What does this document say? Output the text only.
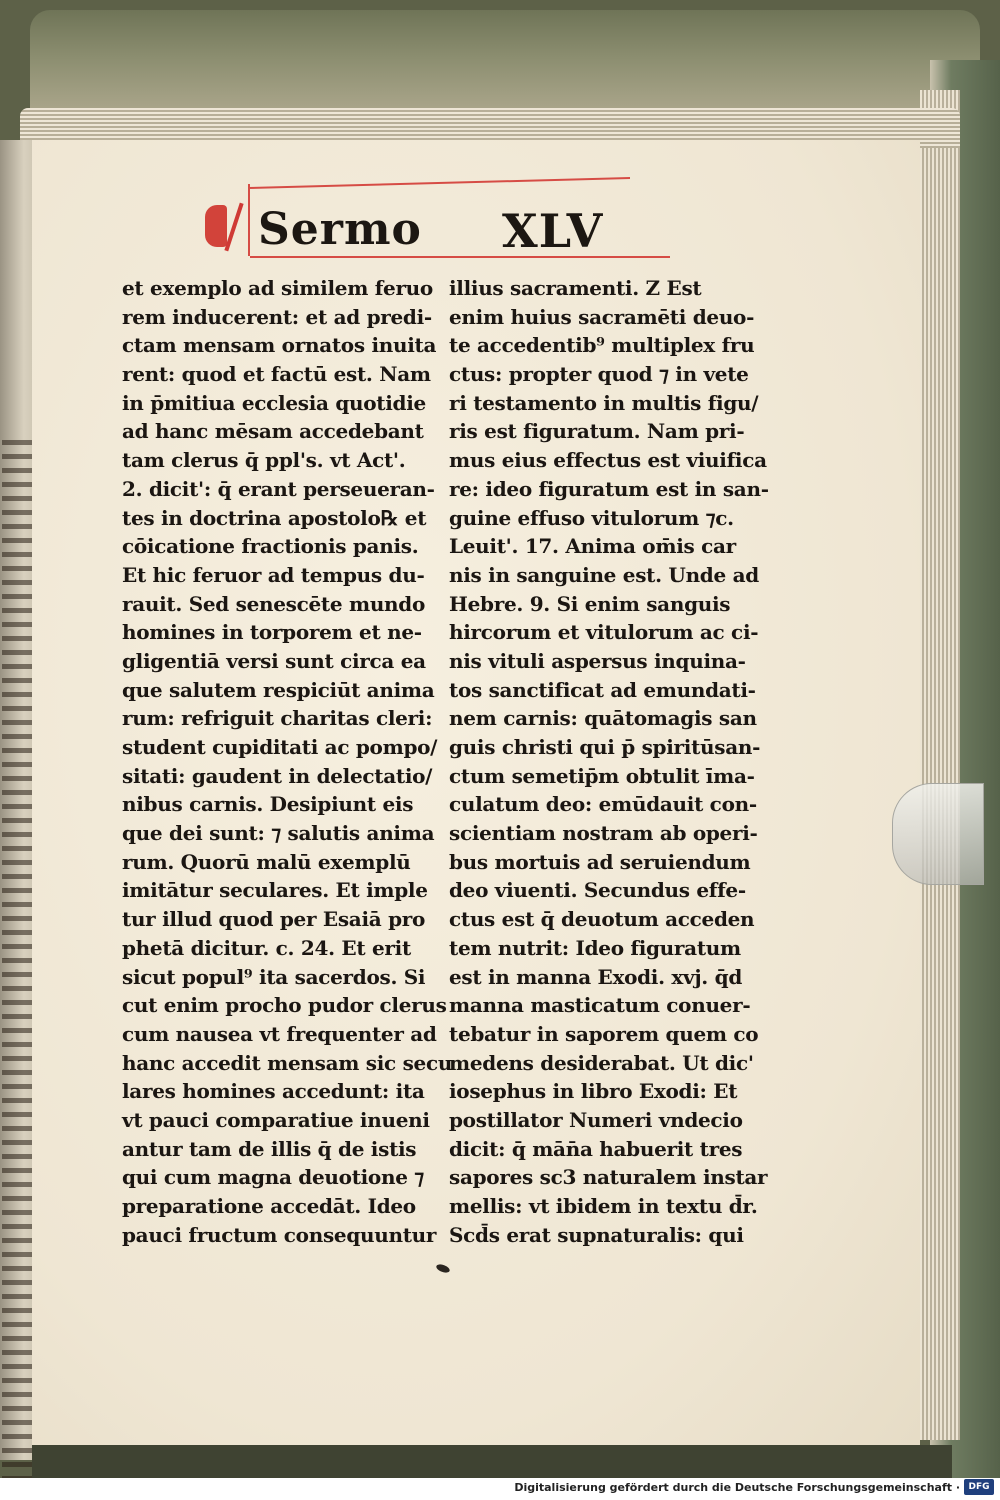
Sermo XLV
et exemplo ad similem feruo
rem inducerent: et ad predi-
ctam mensam ornatos inuita
rent: quod et factū est. Nam
in p̄mitiua ecclesia quotidie
ad hanc mēsam accedebant
tam clerus q̄ ppl's. vt Act'.
2. dicit': q̄ erant perseueran-
tes in doctrina apostolo℞ et
cōicatione fractionis panis.
Et hic feruor ad tempus du-
rauit. Sed senescēte mundo
homines in torporem et ne-
gligentiā versi sunt circa ea
que salutem respiciūt anima
rum: refriguit charitas cleri:
student cupiditati ac pompo/
sitati: gaudent in delectatio/
nibus carnis. Desipiunt eis
que dei sunt: ⁊ salutis anima
rum. Quorū malū exemplū
imitātur seculares. Et imple
tur illud quod per Esaiā pro
phetā dicitur. c. 24. Et erit
sicut popul⁹ ita sacerdos. Si
cut enim procho pudor clerus
cum nausea vt frequenter ad
hanc accedit mensam sic secu
lares homines accedunt: ita
vt pauci comparatiue inueni
antur tam de illis q̄ de istis
qui cum magna deuotione ⁊
preparatione accedāt. Ideo
pauci fructum consequuntur
illius sacramenti. Z Est
enim huius sacramēti deuo-
te accedentib⁹ multiplex fru
ctus: propter quod ⁊ in vete
ri testamento in multis figu/
ris est figuratum. Nam pri-
mus eius effectus est viuifica
re: ideo figuratum est in san-
guine effuso vitulorum ⁊c.
Leuit'. 17. Anima om̄is car
nis in sanguine est. Unde ad
Hebre. 9. Si enim sanguis
hircorum et vitulorum ac ci-
nis vituli aspersus inquina-
tos sanctificat ad emundati-
nem carnis: quātomagis san
guis christi qui p̄ spiritūsan-
ctum semetip̄m obtulit īma-
culatum deo: emūdauit con-
scientiam nostram ab operi-
bus mortuis ad seruiendum
deo viuenti. Secundus effe-
ctus est q̄ deuotum acceden
tem nutrit: Ideo figuratum
est in manna Exodi. xvj. q̄d
manna masticatum conuer-
tebatur in saporem quem co
medens desiderabat. Ut dic'
iosephus in libro Exodi: Et
postillator Numeri vndecio
dicit: q̄ mān̄a habuerit tres
sapores sc3 naturalem instar
mellis: vt ibidem in textu d̄r.
Scd̄s erat supnaturalis: qui
Digitalisierung gefördert durch die Deutsche Forschungsgemeinschaft · DFG
